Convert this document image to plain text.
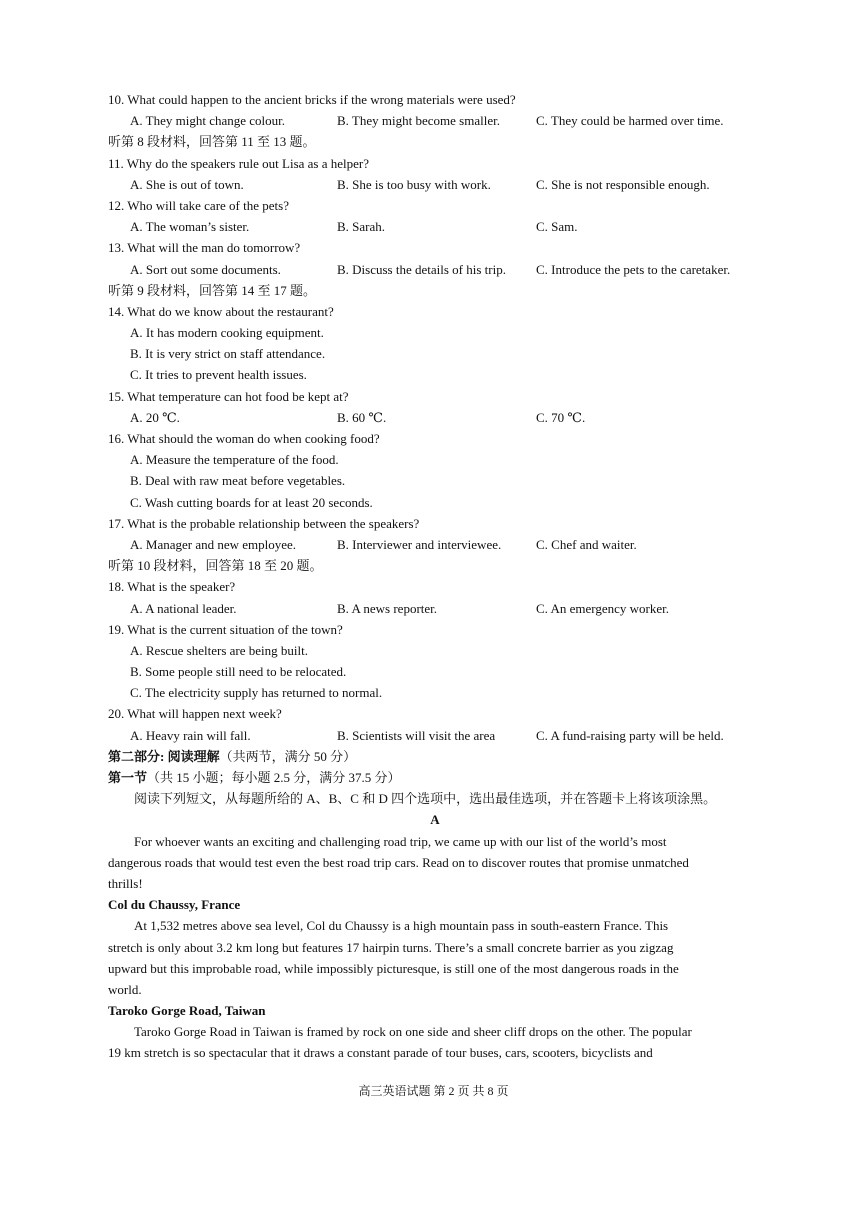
10. What could happen to the ancient bricks if the wrong materials were used?
A. They might change colour.	B. They might become smaller.	C. They could be harmed over time.
听第 8 段材料，回答第 11 至 13 题。
11. Why do the speakers rule out Lisa as a helper?
A. She is out of town.	B. She is too busy with work.	C. She is not responsible enough.
12. Who will take care of the pets?
A. The woman’s sister.	B. Sarah.	C. Sam.
13. What will the man do tomorrow?
A. Sort out some documents.	B. Discuss the details of his trip. C. Introduce the pets to the caretaker.
听第 9 段材料，回答第 14 至 17 题。
14. What do we know about the restaurant?
A. It has modern cooking equipment.
B. It is very strict on staff attendance.
C. It tries to prevent health issues.
15. What temperature can hot food be kept at?
A. 20 ℃.	B. 60 ℃.	C. 70 ℃.
16. What should the woman do when cooking food?
A. Measure the temperature of the food.
B. Deal with raw meat before vegetables.
C. Wash cutting boards for at least 20 seconds.
17. What is the probable relationship between the speakers?
A. Manager and new employee.	B. Interviewer and interviewee.	C. Chef and waiter.
听第 10 段材料，回答第 18 至 20 题。
18. What is the speaker?
A. A national leader.	B. A news reporter.	C. An emergency worker.
19. What is the current situation of the town?
A. Rescue shelters are being built.
B. Some people still need to be relocated.
C. The electricity supply has returned to normal.
20. What will happen next week?
A. Heavy rain will fall.	B. Scientists will visit the area	C. A fund-raising party will be held.
第二部分: 阅读理解（共两节，满分 50 分）
第一节（共 15 小题；每小题 2.5 分，满分 37.5 分）
阅读下列短文，从每题所给的 A、B、C 和 D 四个选项中，选出最佳选项，并在答题卡上将该项涂黑。
A
For whoever wants an exciting and challenging road trip, we came up with our list of the world’s most
dangerous roads that would test even the best road trip cars. Read on to discover routes that promise unmatched
thrills!
Col du Chaussy, France
At 1,532 metres above sea level, Col du Chaussy is a high mountain pass in south-eastern France. This
stretch is only about 3.2 km long but features 17 hairpin turns. There’s a small concrete barrier as you zigzag
upward but this improbable road, while impossibly picturesque, is still one of the most dangerous roads in the
world.
Taroko Gorge Road, Taiwan
Taroko Gorge Road in Taiwan is framed by rock on one side and sheer cliff drops on the other. The popular
19 km stretch is so spectacular that it draws a constant parade of tour buses, cars, scooters, bicyclists and
高三英语试题 第 2 页 共 8 页
